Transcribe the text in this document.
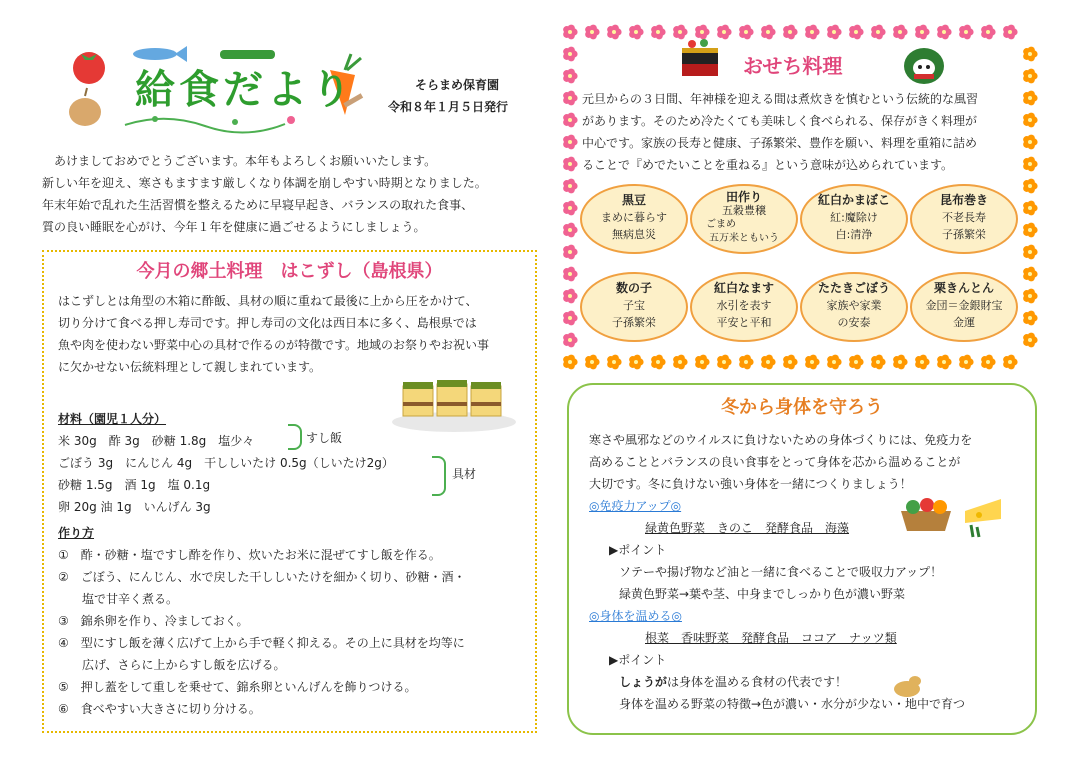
給食だより	そらまめ保育園
令和８年１月５日発行
あけましておめでとうございます。本年もよろしくお願いいたします。
新しい年を迎え、寒さもますます厳しくなり体調を崩しやすい時期となりました。
年末年始で乱れた生活習慣を整えるために早寝早起き、バランスの取れた食事、
質の良い睡眠を心がけ、今年１年を健康に過ごせるようにしましょう。
今月の郷土料理　はこずし（島根県）
はこずしとは角型の木箱に酢飯、具材の順に重ねて最後に上から圧をかけて、
切り分けて食べる押し寿司です。押し寿司の文化は西日本に多く、島根県では
魚や肉を使わない野菜中心の具材で作るのが特徴です。地域のお祭りやお祝い事
に欠かせない伝統料理として親しまれています。
材料（園児１人分）
米 30g　酢 3g　砂糖 1.8g　塩少々
ごぼう 3g　にんじん 4g　干ししいたけ 0.5g（しいたけ2g）
砂糖 1.5g　酒 1g　塩 0.1g
卵 20g 油 1g　いんげん 3g
すし飯
具材
作り方
①　酢・砂糖・塩ですし酢を作り、炊いたお米に混ぜてすし飯を作る。
②　ごぼう、にんじん、水で戻した干ししいたけを細かく切り、砂糖・酒・
　　塩で甘辛く煮る。
③　錦糸卵を作り、冷ましておく。
④　型にすし飯を薄く広げて上から手で軽く抑える。その上に具材を均等に
　　広げ、さらに上からすし飯を広げる。
⑤　押し蓋をして重しを乗せて、錦糸卵といんげんを飾りつける。
⑥　食べやすい大きさに切り分ける。
おせち料理
元旦からの３日間、年神様を迎える間は煮炊きを慎むという伝統的な風習
があります。そのため冷たくても美味しく食べられる、保存がきく料理が
中心です。家族の長寿と健康、子孫繁栄、豊作を願い、料理を重箱に詰め
ることで『めでたいことを重ねる』という意味が込められています。
黒豆
まめに暮らす
無病息災
田作り
五穀豊穣
ごまめ
五万米ともいう
紅白かまぼこ
紅:魔除け
白:清浄
昆布巻き
不老長寿
子孫繁栄
数の子
子宝
子孫繁栄
紅白なます
水引を表す
平安と平和
たたきごぼう
家族や家業
の安泰
栗きんとん
金団＝金銀財宝
金運
冬から身体を守ろう
寒さや風邪などのウイルスに負けないための身体づくりには、免疫力を
高めることとバランスの良い食事をとって身体を芯から温めることが
大切です。冬に負けない強い身体を一緒につくりましょう！
◎免疫力アップ◎
緑黄色野菜　きのこ　発酵食品　海藻
▶ポイント
ソテーや揚げ物など油と一緒に食べることで吸収力アップ！
緑黄色野菜→葉や茎、中身までしっかり色が濃い野菜
◎身体を温める◎
根菜　香味野菜　発酵食品　ココア　ナッツ類
▶ポイント
しょうがは身体を温める食材の代表です！
身体を温める野菜の特徴→色が濃い・水分が少ない・地中で育つ
